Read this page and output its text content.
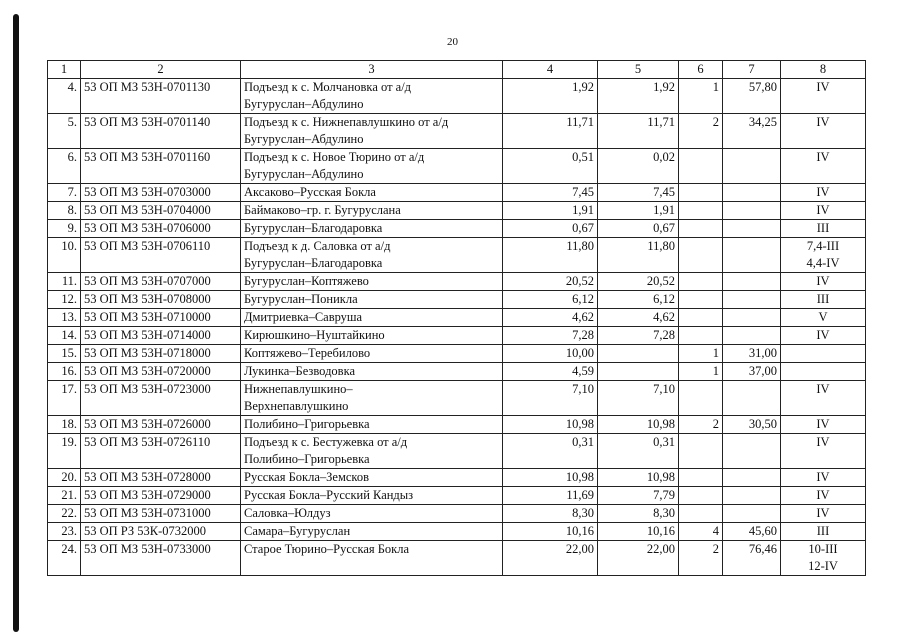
20
1	2	3	4	5	6	7	8
4.	53 ОП МЗ 53Н-0701130	Подъезд к с. Молчановка от а/д
Бугуруслан–Абдулино	1,92	1,92	1	57,80	IV

5.	53 ОП МЗ 53Н-0701140	Подъезд к с. Нижнепавлушкино от а/д
Бугуруслан–Абдулино	11,71	11,71	2	34,25	IV

6.	53 ОП МЗ 53Н-0701160	Подъезд к с. Новое Тюрино от а/д
Бугуруслан–Абдулино	0,51	0,02			IV

7.	53 ОП МЗ 53Н-0703000	Аксаково–Русская Бокла	7,45	7,45			IV

8.	53 ОП МЗ 53Н-0704000	Баймаково–гр. г. Бугуруслана	1,91	1,91			IV

9.	53 ОП МЗ 53Н-0706000	Бугуруслан–Благодаровка	0,67	0,67			III

10.	53 ОП МЗ 53Н-0706110	Подъезд к д. Саловка от а/д
Бугуруслан–Благодаровка	11,80	11,80			7,4-III
4,4-IV

11.	53 ОП МЗ 53Н-0707000	Бугуруслан–Коптяжево	20,52	20,52			IV

12.	53 ОП МЗ 53Н-0708000	Бугуруслан–Поникла	6,12	6,12			III

13.	53 ОП МЗ 53Н-0710000	Дмитриевка–Савруша	4,62	4,62			V

14.	53 ОП МЗ 53Н-0714000	Кирюшкино–Нуштайкино	7,28	7,28			IV

15.	53 ОП МЗ 53Н-0718000	Коптяжево–Теребилово	10,00		1	31,00	

16.	53 ОП МЗ 53Н-0720000	Лукинка–Безводовка	4,59		1	37,00	

17.	53 ОП МЗ 53Н-0723000	Нижнепавлушкино–
Верхнепавлушкино	7,10	7,10			IV

18.	53 ОП МЗ 53Н-0726000	Полибино–Григорьевка	10,98	10,98	2	30,50	IV

19.	53 ОП МЗ 53Н-0726110	Подъезд к с. Бестужевка от а/д
Полибино–Григорьевка	0,31	0,31			IV

20.	53 ОП МЗ 53Н-0728000	Русская Бокла–Земсков	10,98	10,98			IV

21.	53 ОП МЗ 53Н-0729000	Русская Бокла–Русский Кандыз	11,69	7,79			IV

22.	53 ОП МЗ 53Н-0731000	Саловка–Юлдуз	8,30	8,30			IV

23.	53 ОП РЗ 53К-0732000	Самара–Бугуруслан	10,16	10,16	4	45,60	III

24.	53 ОП МЗ 53Н-0733000	Старое Тюрино–Русская Бокла	22,00	22,00	2	76,46	10-III
12-IV
